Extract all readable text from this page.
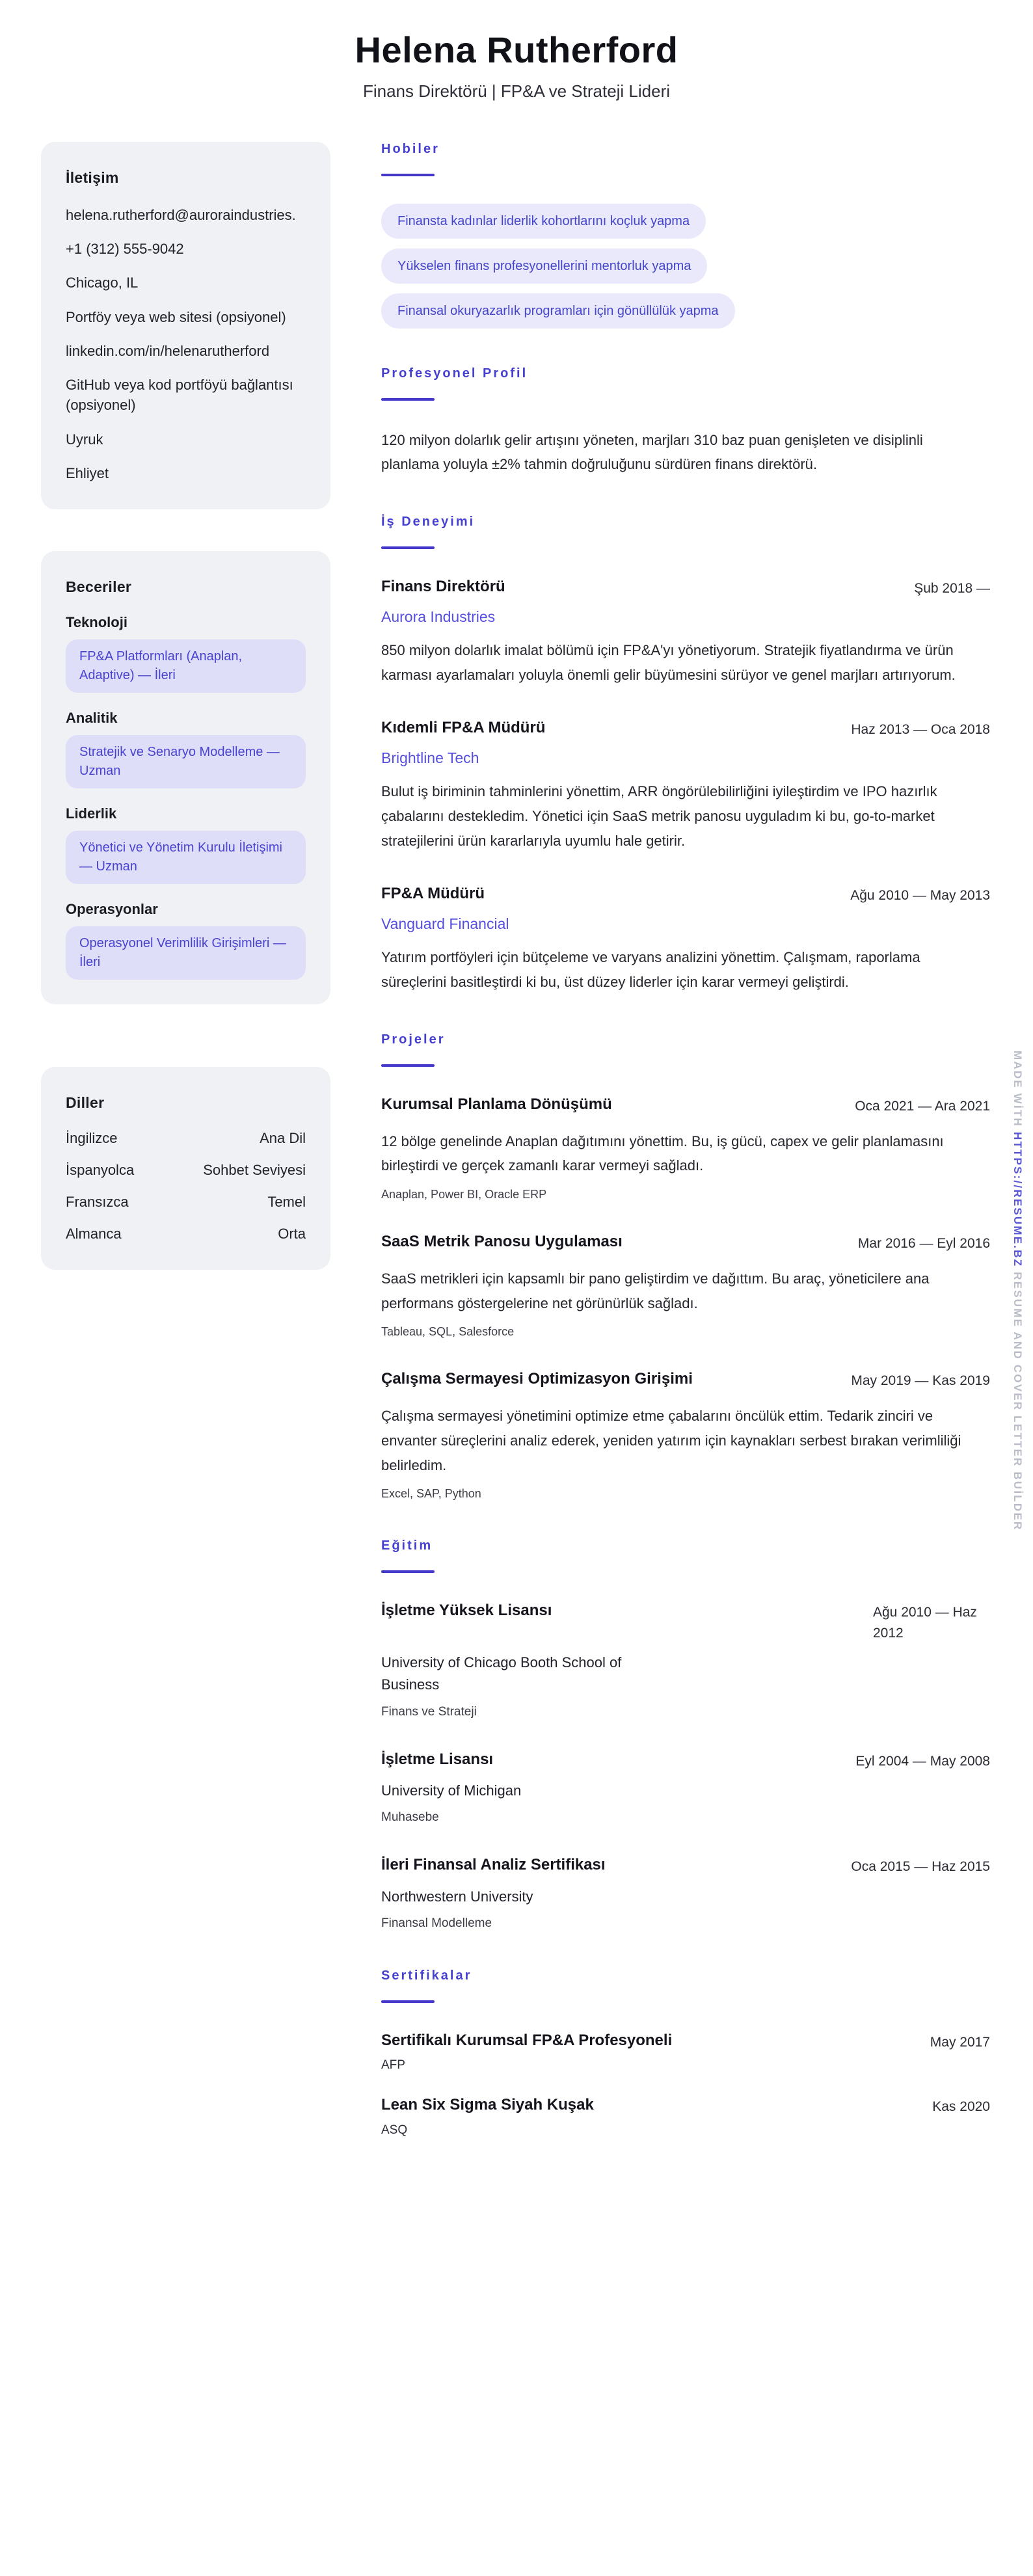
Helena Rutherford
Finans Direktörü | FP&A ve Strateji Lideri
İletişim
helena.rutherford@auroraindustries.
+1 (312) 555-9042
Chicago, IL
Portföy veya web sitesi (opsiyonel)
linkedin.com/in/helenarutherford
GitHub veya kod portföyü bağlantısı (opsiyonel)
Uyruk
Ehliyet
Beceriler
Teknoloji
FP&A Platformları (Anaplan, Adaptive) — İleri
Analitik
Stratejik ve Senaryo Modelleme — Uzman
Liderlik
Yönetici ve Yönetim Kurulu İletişimi — Uzman
Operasyonlar
Operasyonel Verimlilik Girişimleri — İleri
Diller
İngilizce	Ana Dil
İspanyolca	Sohbet Seviyesi
Fransızca	Temel
Almanca	Orta
Hobiler
Finansta kadınlar liderlik kohortlarını koçluk yapma
Yükselen finans profesyonellerini mentorluk yapma
Finansal okuryazarlık programları için gönüllülük yapma
Profesyonel Profil

120 milyon dolarlık gelir artışını yöneten, marjları 310 baz puan genişleten ve disiplinli planlama yoluyla ±2% tahmin doğruluğunu sürdüren finans direktörü.

İş Deneyimi
Finans Direktörü	Şub 2018 —
Aurora Industries

850 milyon dolarlık imalat bölümü için FP&A'yı yönetiyorum. Stratejik fiyatlandırma ve ürün karması ayarlamaları yoluyla önemli gelir büyümesini sürüyor ve genel marjları artırıyorum.

Kıdemli FP&A Müdürü	Haz 2013 — Oca 2018
Brightline Tech

Bulut iş biriminin tahminlerini yönettim, ARR öngörülebilirliğini iyileştirdim ve IPO hazırlık çabalarını destekledim. Yönetici için SaaS metrik panosu uyguladım ki bu, go-to-market stratejilerini ürün kararlarıyla uyumlu hale getirir.

FP&A Müdürü	Ağu 2010 — May 2013
Vanguard Financial

Yatırım portföyleri için bütçeleme ve varyans analizini yönettim. Çalışmam, raporlama süreçlerini basitleştirdi ki bu, üst düzey liderler için karar vermeyi geliştirdi.

Projeler
Kurumsal Planlama Dönüşümü	Oca 2021 — Ara 2021

12 bölge genelinde Anaplan dağıtımını yönettim. Bu, iş gücü, capex ve gelir planlamasını birleştirdi ve gerçek zamanlı karar vermeyi sağladı.

Anaplan, Power BI, Oracle ERP
SaaS Metrik Panosu Uygulaması	Mar 2016 — Eyl 2016

SaaS metrikleri için kapsamlı bir pano geliştirdim ve dağıttım. Bu araç, yöneticilere ana performans göstergelerine net görünürlük sağladı.

Tableau, SQL, Salesforce
Çalışma Sermayesi Optimizasyon Girişimi	May 2019 — Kas 2019

Çalışma sermayesi yönetimini optimize etme çabalarını öncülük ettim. Tedarik zinciri ve envanter süreçlerini analiz ederek, yeniden yatırım için kaynakları serbest bırakan verimliliği belirledim.

Excel, SAP, Python
Eğitim
İşletme Yüksek Lisansı	Ağu 2010 — Haz 2012
University of Chicago Booth School of Business
Finans ve Strateji
İşletme Lisansı	Eyl 2004 — May 2008
University of Michigan
Muhasebe
İleri Finansal Analiz Sertifikası	Oca 2015 — Haz 2015
Northwestern University
Finansal Modelleme
Sertifikalar
Sertifikalı Kurumsal FP&A Profesyoneli	May 2017
AFP
Lean Six Sigma Siyah Kuşak	Kas 2020
ASQ
MADE WİTH HTTPS://RESUME.BZ RESUME AND COVER LETTER BUİLDER
